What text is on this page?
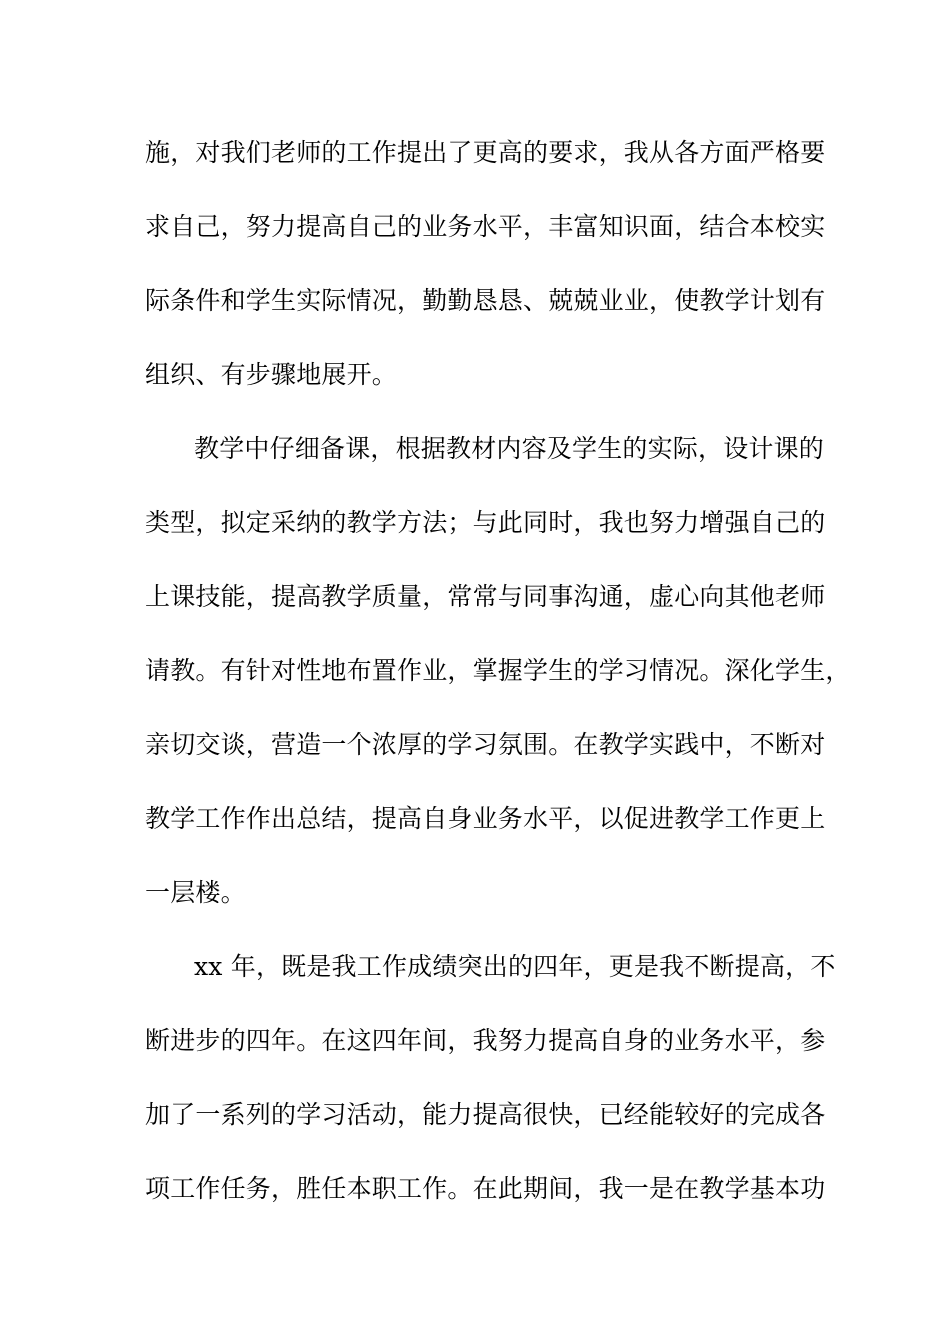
施，对我们老师的工作提出了更高的要求，我从各方面严格要
求自己，努力提高自己的业务水平，丰富知识面，结合本校实
际条件和学生实际情况，勤勤恳恳、兢兢业业，使教学计划有
组织、有步骤地展开。
教学中仔细备课，根据教材内容及学生的实际，设计课的
类型，拟定采纳的教学方法；与此同时，我也努力增强自己的
上课技能，提高教学质量，常常与同事沟通，虚心向其他老师
请教。有针对性地布置作业，掌握学生的学习情况。深化学生，
亲切交谈，营造一个浓厚的学习氛围。在教学实践中，不断对
教学工作作出总结，提高自身业务水平，以促进教学工作更上
一层楼。
xx 年，既是我工作成绩突出的四年，更是我不断提高，不
断进步的四年。在这四年间，我努力提高自身的业务水平，参
加了一系列的学习活动，能力提高很快，已经能较好的完成各
项工作任务，胜任本职工作。在此期间，我一是在教学基本功
